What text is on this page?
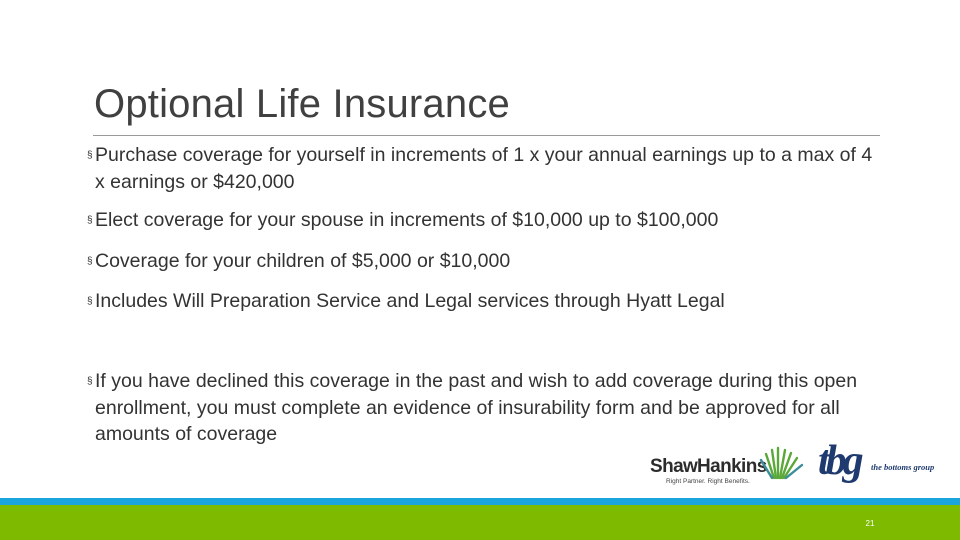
Optional Life Insurance
§ Purchase coverage for yourself in increments of 1 x your annual earnings up to a max of 4 x earnings or $420,000
§ Elect coverage for your spouse in increments of $10,000 up to $100,000
§ Coverage for your children of $5,000 or $10,000
§ Includes Will Preparation Service and Legal services through Hyatt Legal
§ If you have declined this coverage in the past and wish to add coverage during this open enrollment, you must complete an evidence of insurability form and be approved for all amounts of coverage
Shaw Hankins
Right Partner. Right Benefits. tbg	the bottoms group
21
